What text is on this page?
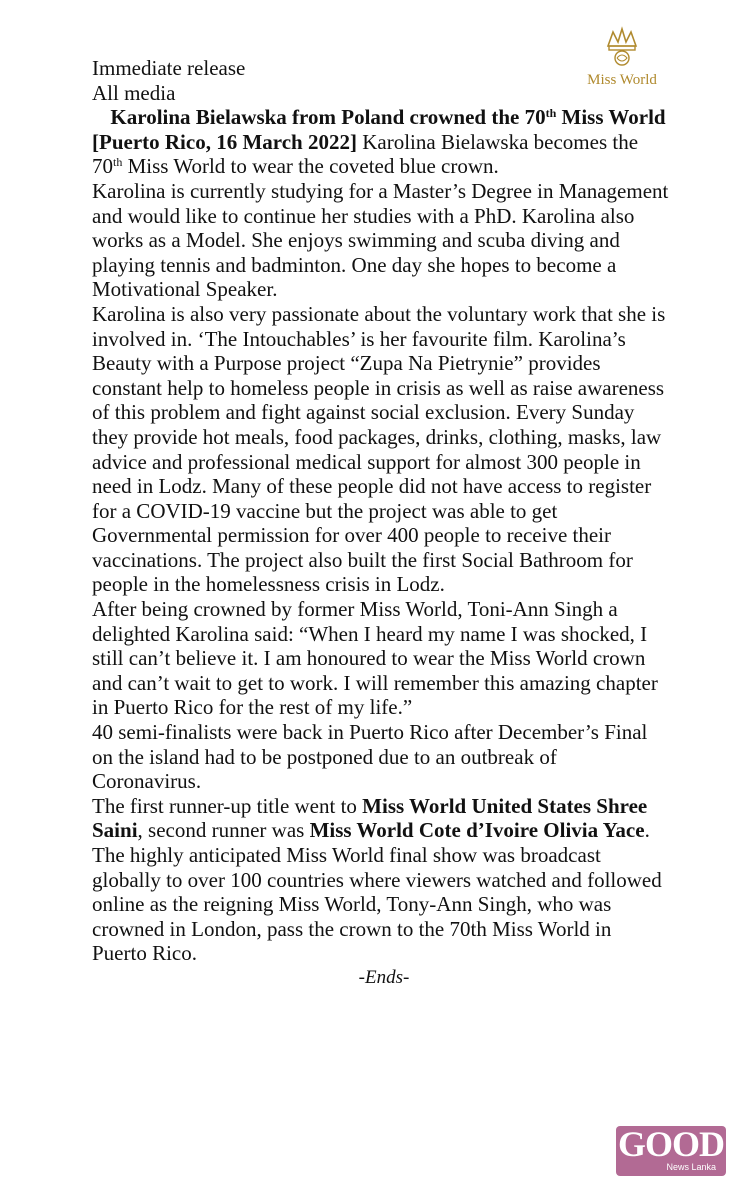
Miss World

Immediate release

All media

Karolina Bielawska from Poland crowned the 70th Miss World

[Puerto Rico, 16 March 2022] Karolina Bielawska becomes the 70th Miss World to wear the coveted blue crown.

Karolina is currently studying for a Master’s Degree in Management and would like to continue her studies with a PhD. Karolina also works as a Model. She enjoys swimming and scuba diving and playing tennis and badminton. One day she hopes to become a Motivational Speaker.

Karolina is also very passionate about the voluntary work that she is involved in. ‘The Intouchables’ is her favourite film. Karolina’s Beauty with a Purpose project “Zupa Na Pietrynie” provides constant help to homeless people in crisis as well as raise awareness of this problem and fight against social exclusion. Every Sunday they provide hot meals, food packages, drinks, clothing, masks, law advice and professional medical support for almost 300 people in need in Lodz. Many of these people did not have access to register for a COVID-19 vaccine but the project was able to get Governmental permission for over 400 people to receive their vaccinations. The project also built the first Social Bathroom for people in the homelessness crisis in Lodz.

After being crowned by former Miss World, Toni-Ann Singh a delighted Karolina said: “When I heard my name I was shocked, I still can’t believe it. I am honoured to wear the Miss World crown and can’t wait to get to work. I will remember this amazing chapter in Puerto Rico for the rest of my life.”

40 semi-finalists were back in Puerto Rico after December’s Final on the island had to be postponed due to an outbreak of Coronavirus.

The first runner-up title went to Miss World United States Shree Saini, second runner was Miss World Cote d’Ivoire Olivia Yace.

The highly anticipated Miss World final show was broadcast globally to over 100 countries where viewers watched and followed online as the reigning Miss World, Tony-Ann Singh, who was crowned in London, pass the crown to the 70th Miss World in Puerto Rico.

-Ends-

GOOD
News Lanka
